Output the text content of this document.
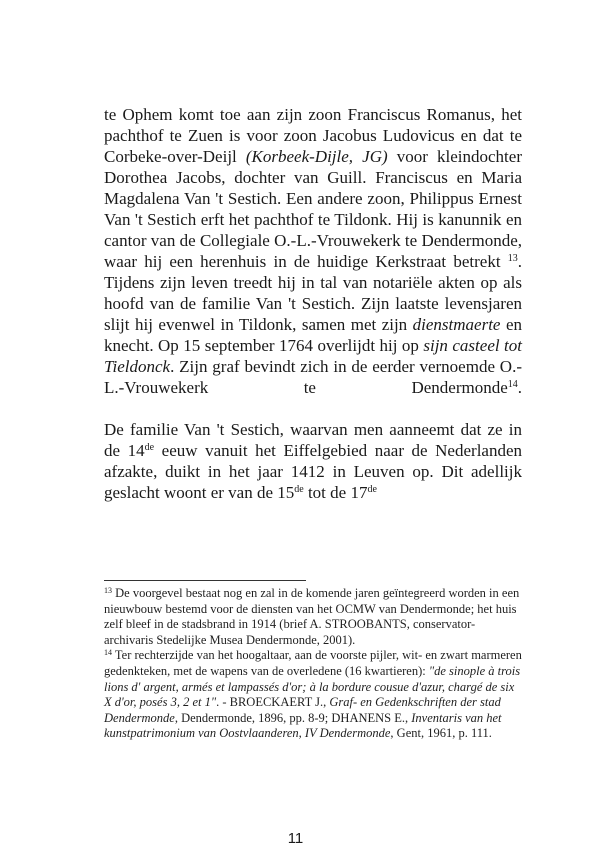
te Ophem komt toe aan zijn zoon Franciscus Romanus, het pachthof te Zuen is voor zoon Jacobus Ludovicus en dat te Corbeke-over-Deijl (Korbeek-Dijle, JG) voor kleindochter Dorothea Jacobs, dochter van Guill. Franciscus en Maria Magdalena Van 't Sestich. Een andere zoon, Philippus Ernest Van 't Sestich erft het pachthof te Tildonk. Hij is kanunnik en cantor van de Collegiale O.-L.-Vrouwekerk te Dendermonde, waar hij een herenhuis in de huidige Kerkstraat betrekt $^{13}$. Tijdens zijn leven treedt hij in tal van notariële akten op als hoofd van de familie Van 't Sestich. Zijn laatste levensjaren slijt hij evenwel in Tildonk, samen met zijn dienstmaerte en knecht. Op 15 september 1764 overlijdt hij op sijn casteel tot Tieldonck. Zijn graf bevindt zich in de eerder vernoemde O.-L.-Vrouwekerk te Dendermonde$^{14}$.

De familie Van 't Sestich, waarvan men aanneemt dat ze in de 14de eeuw vanuit het Eiffelgebied naar de Nederlanden afzakte, duikt in het jaar 1412 in Leuven op. Dit adellijk geslacht woont er van de 15de tot de 17de

$^{13}$ De voorgevel bestaat nog en zal in de komende jaren geïntegreerd worden in een nieuwbouw bestemd voor de diensten van het OCMW van Dendermonde; het huis zelf bleef in de stadsbrand in 1914 (brief A. STROOBANTS, conservator-archivaris Stedelijke Musea Dendermonde, 2001).

$^{14}$ Ter rechterzijde van het hoogaltaar, aan de voorste pijler, wit- en zwart marmeren gedenkteken, met de wapens van de overledene (16 kwartieren): "de sinople à trois lions d' argent, armés et lampassés d'or; à la bordure cousue d'azur, chargé de six X d'or, posés 3, 2 et 1". - BROECKAERT J., Graf- en Gedenkschriften der stad Dendermonde, Dendermonde, 1896, pp. 8-9; DHANENS E., Inventaris van het kunstpatrimonium van Oostvlaanderen, IV Dendermonde, Gent, 1961, p. 111.

11
